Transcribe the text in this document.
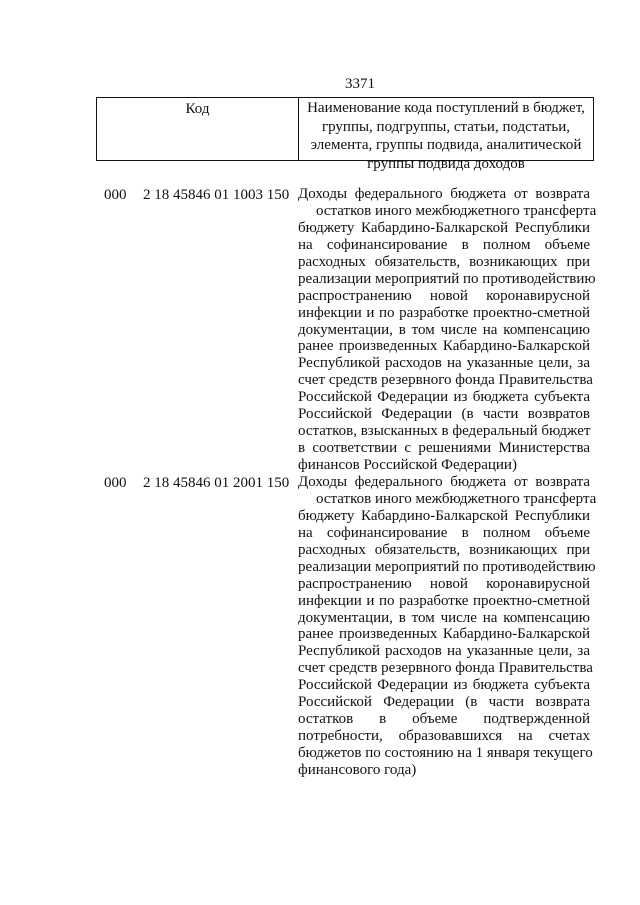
3371
Код	Наименование кода поступлений в бюджет,
группы, подгруппы, статьи, подстатьи,
элемента, группы подвида, аналитической
группы подвида доходов
000 2 18 45846 01 1003 150 Доходы федерального бюджета от возврата
остатков иного межбюджетного трансферта
бюджету Кабардино-Балкарской Республики
на софинансирование в полном объеме
расходных обязательств, возникающих при
реализации мероприятий по противодействию
распространению новой коронавирусной
инфекции и по разработке проектно-сметной
документации, в том числе на компенсацию
ранее произведенных Кабардино-Балкарской
Республикой расходов на указанные цели, за
счет средств резервного фонда Правительства
Российской Федерации из бюджета субъекта
Российской Федерации (в части возвратов
остатков, взысканных в федеральный бюджет
в соответствии с решениями Министерства
финансов Российской Федерации)
000 2 18 45846 01 2001 150 Доходы федерального бюджета от возврата
остатков иного межбюджетного трансферта
бюджету Кабардино-Балкарской Республики
на софинансирование в полном объеме
расходных обязательств, возникающих при
реализации мероприятий по противодействию
распространению новой коронавирусной
инфекции и по разработке проектно-сметной
документации, в том числе на компенсацию
ранее произведенных Кабардино-Балкарской
Республикой расходов на указанные цели, за
счет средств резервного фонда Правительства
Российской Федерации из бюджета субъекта
Российской Федерации (в части возврата
остатков в объеме подтвержденной
потребности, образовавшихся на счетах
бюджетов по состоянию на 1 января текущего
финансового года)
